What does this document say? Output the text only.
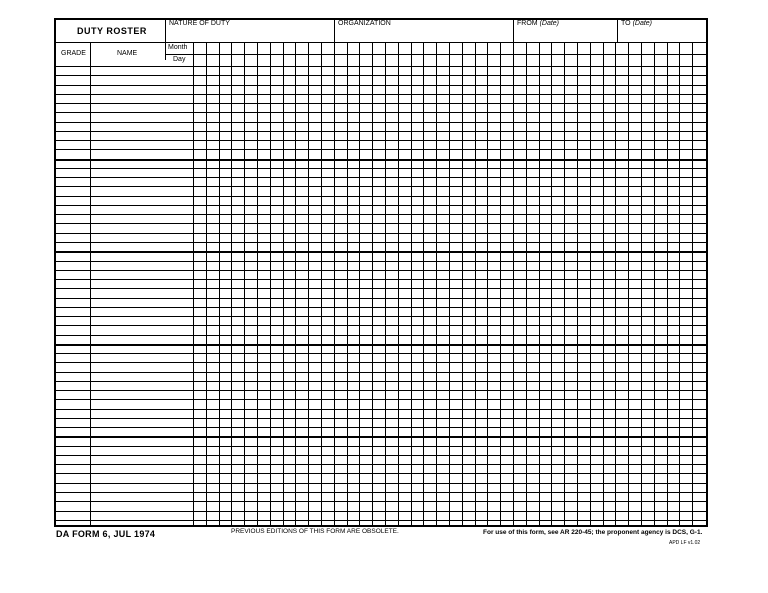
DUTY ROSTER
NATURE OF DUTY	ORGANIZATION	FROM (Date)	TO (Date)
GRADE	NAME
Month
Day
DA FORM 6, JUL 1974	PREVIOUS EDITIONS OF THIS FORM ARE OBSOLETE.	For use of this form, see AR 220-45; the proponent agency is DCS, G-1.
APD LF v1.02
